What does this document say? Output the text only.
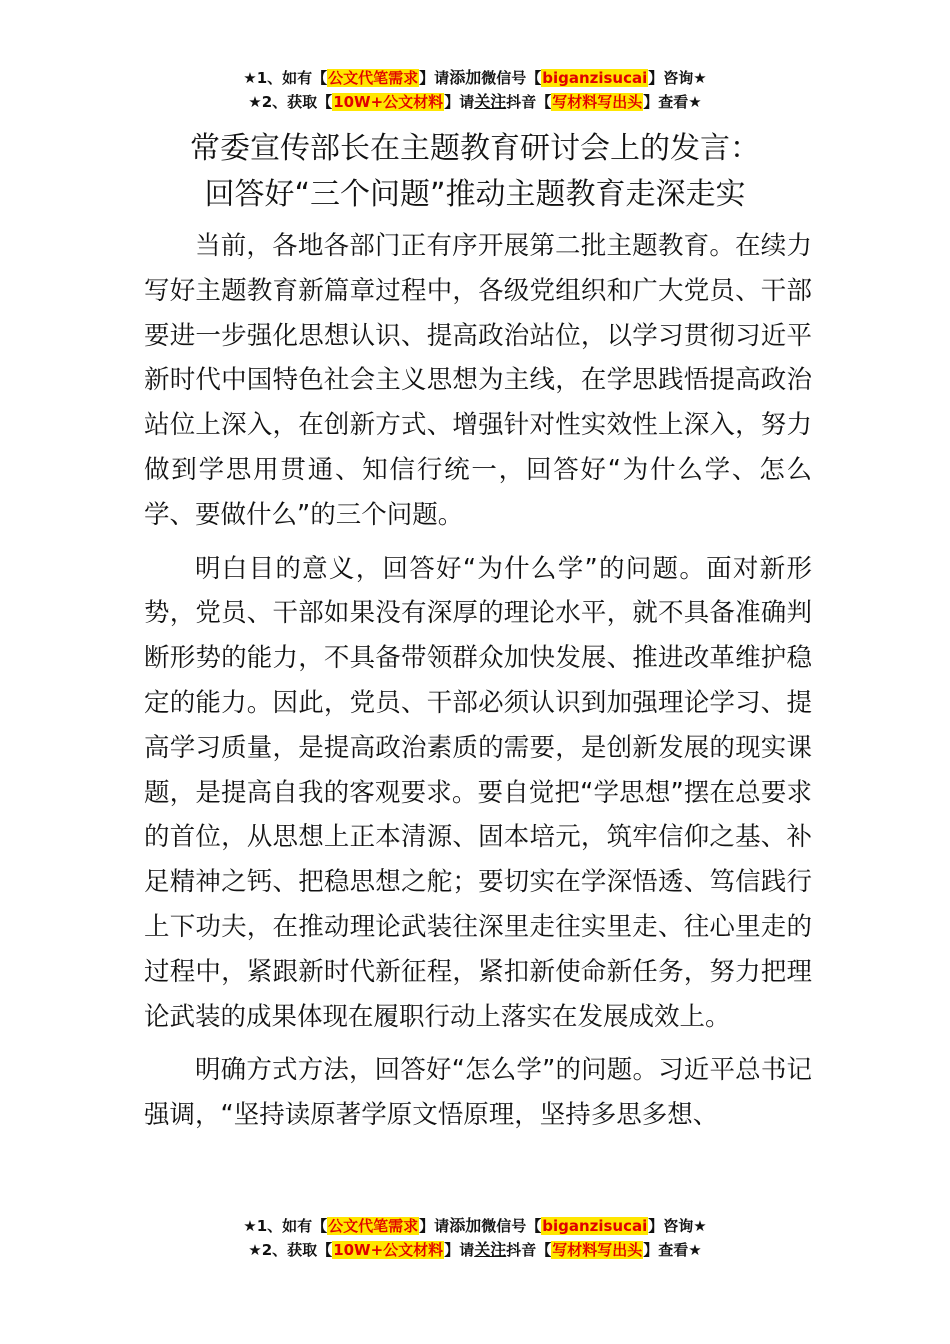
★1、如有【公文代笔需求】请添加微信号【biganzisucai】咨询★
★2、获取【10W+公文材料】请关注抖音【写材料写出头】查看★
常委宣传部长在主题教育研讨会上的发言：
回答好“三个问题”推动主题教育走深走实

当前，各地各部门正有序开展第二批主题教育。在续力写好主题教育新篇章过程中，各级党组织和广大党员、干部要进一步强化思想认识、提高政治站位，以学习贯彻习近平新时代中国特色社会主义思想为主线，在学思践悟提高政治站位上深入，在创新方式、增强针对性实效性上深入，努力做到学思用贯通、知信行统一，回答好“为什么学、怎么学、要做什么”的三个问题。

明白目的意义，回答好“为什么学”的问题。面对新形势，党员、干部如果没有深厚的理论水平，就不具备准确判断形势的能力，不具备带领群众加快发展、推进改革维护稳定的能力。因此，党员、干部必须认识到加强理论学习、提高学习质量，是提高政治素质的需要，是创新发展的现实课题，是提高自我的客观要求。要自觉把“学思想”摆在总要求的首位，从思想上正本清源、固本培元，筑牢信仰之基、补足精神之钙、把稳思想之舵；要切实在学深悟透、笃信践行上下功夫，在推动理论武装往深里走往实里走、往心里走的过程中，紧跟新时代新征程，紧扣新使命新任务，努力把理论武装的成果体现在履职行动上落实在发展成效上。

明确方式方法，回答好“怎么学”的问题。习近平总书记强调，“坚持读原著学原文悟原理，坚持多思多想、

★1、如有【公文代笔需求】请添加微信号【biganzisucai】咨询★
★2、获取【10W+公文材料】请关注抖音【写材料写出头】查看★
